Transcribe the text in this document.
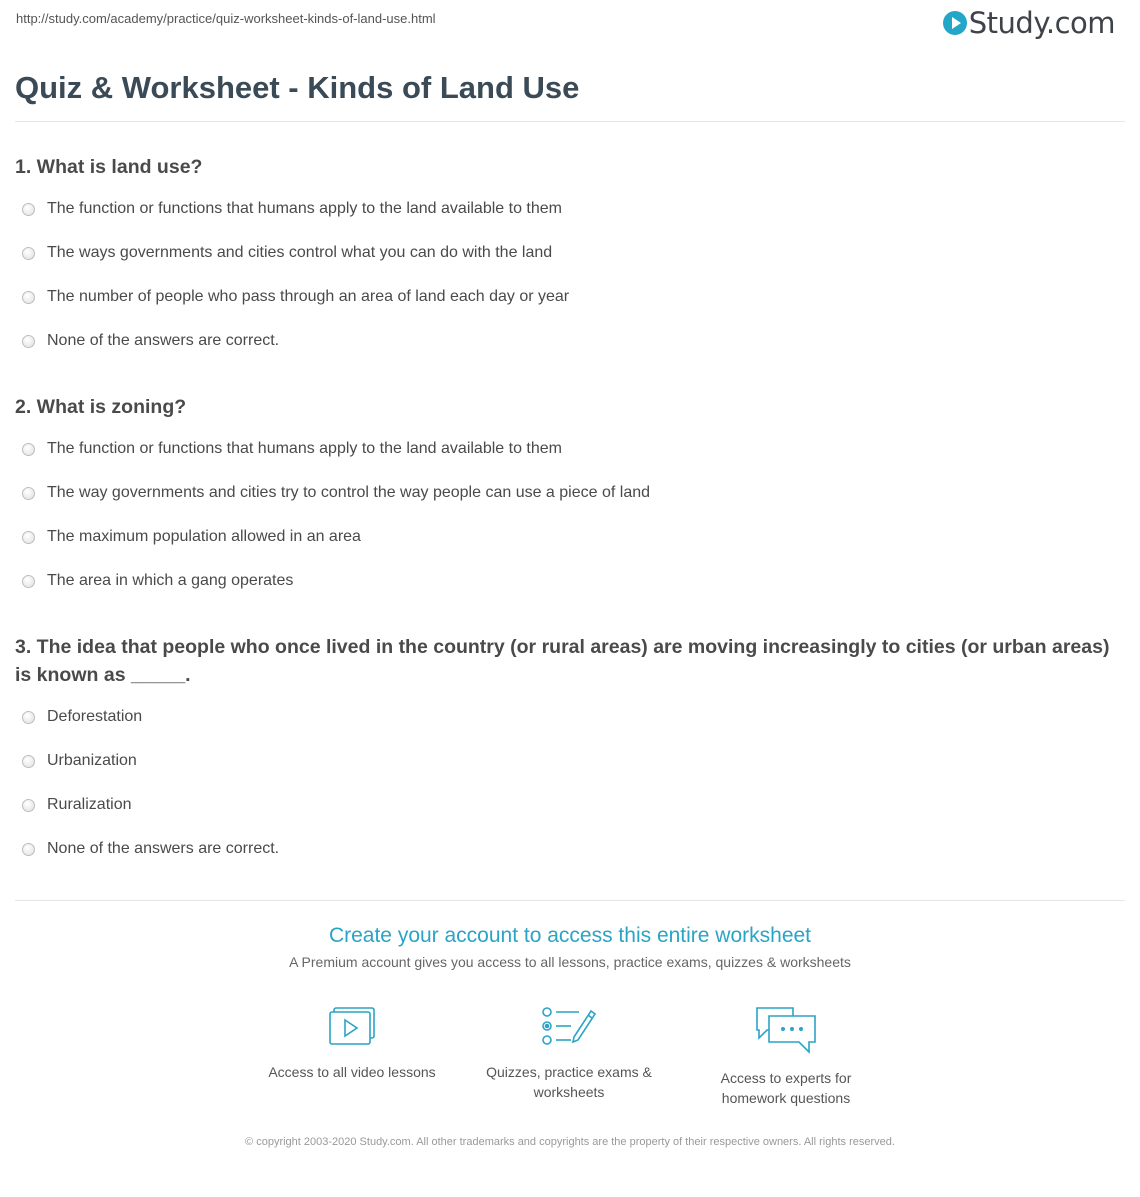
http://study.com/academy/practice/quiz-worksheet-kinds-of-land-use.html	Study.com
Quiz & Worksheet - Kinds of Land Use
1. What is land use?
The function or functions that humans apply to the land available to them
The ways governments and cities control what you can do with the land
The number of people who pass through an area of land each day or year
None of the answers are correct.
2. What is zoning?
The function or functions that humans apply to the land available to them
The way governments and cities try to control the way people can use a piece of land
The maximum population allowed in an area
The area in which a gang operates
3. The idea that people who once lived in the country (or rural areas) are moving increasingly to cities (or urban areas) is known as _____.
Deforestation
Urbanization
Ruralization
None of the answers are correct.
Create your account to access this entire worksheet
A Premium account gives you access to all lessons, practice exams, quizzes & worksheets
Access to all video lessons	Quizzes, practice exams & worksheets
Access to experts for homework questions
© copyright 2003-2020 Study.com. All other trademarks and copyrights are the property of their respective owners. All rights reserved.
